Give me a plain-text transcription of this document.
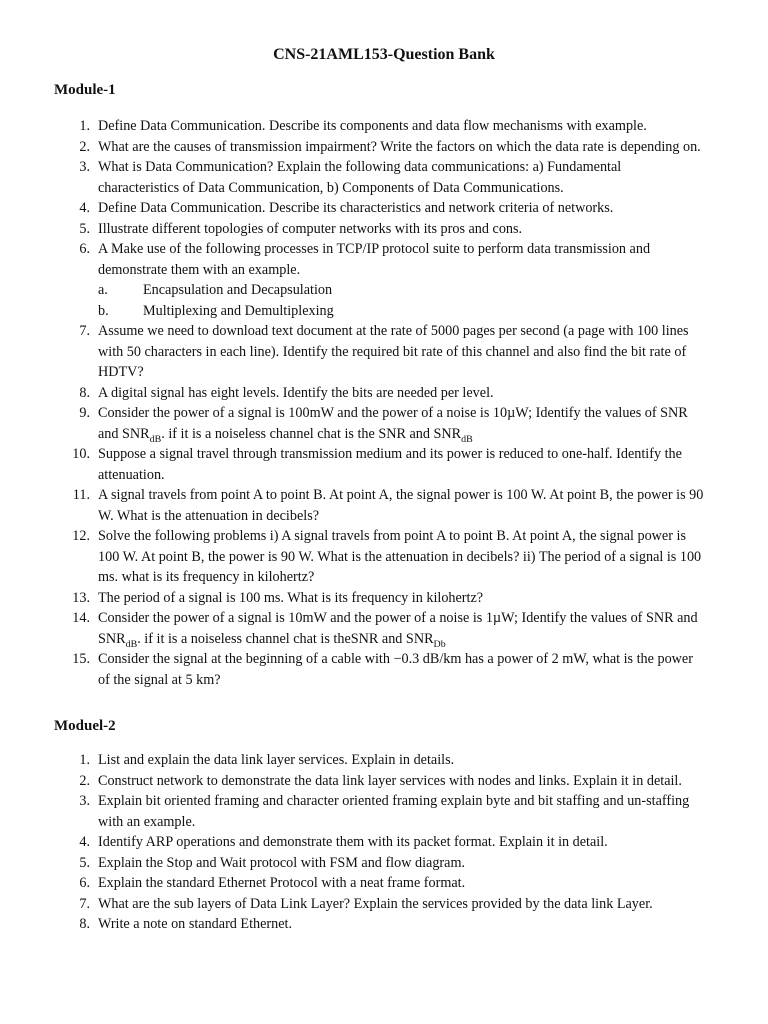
CNS-21AML153-Question Bank
Module-1
1. Define Data Communication. Describe its components and data flow mechanisms with example.
2. What are the causes of transmission impairment? Write the factors on which the data rate is depending on.
3. What is Data Communication? Explain the following data communications: a) Fundamental characteristics of Data Communication, b) Components of Data Communications.
4. Define Data Communication. Describe its characteristics and network criteria of networks.
5. Illustrate different topologies of computer networks with its pros and cons.
6. A Make use of the following processes in TCP/IP protocol suite to perform data transmission and demonstrate them with an example.
a. Encapsulation and Decapsulation
b. Multiplexing and Demultiplexing
7. Assume we need to download text document at the rate of 5000 pages per second (a page with 100 lines with 50 characters in each line). Identify the required bit rate of this channel and also find the bit rate of HDTV?
8. A digital signal has eight levels. Identify the bits are needed per level.
9. Consider the power of a signal is 100mW and the power of a noise is 10µW; Identify the values of SNR and $SNR_{dB}$. if it is a noiseless channel chat is the SNR and $SNR_{dB}$
10. Suppose a signal travel through transmission medium and its power is reduced to one-half. Identify the attenuation.
11. A signal travels from point A to point B. At point A, the signal power is 100 W. At point B, the power is 90 W. What is the attenuation in decibels?
12. Solve the following problems i) A signal travels from point A to point B. At point A, the signal power is 100 W. At point B, the power is 90 W. What is the attenuation in decibels? ii) The period of a signal is 100 ms. what is its frequency in kilohertz?
13. The period of a signal is 100 ms. What is its frequency in kilohertz?
14. Consider the power of a signal is 10mW and the power of a noise is 1µW; Identify the values of SNR and $SNR_{dB}$. if it is a noiseless channel chat is theSNR and $SNR_{Db}$
15. Consider the signal at the beginning of a cable with −0.3 dB/km has a power of 2 mW, what is the power of the signal at 5 km?
Moduel-2
1. List and explain the data link layer services. Explain in details.
2. Construct network to demonstrate the data link layer services with nodes and links. Explain it in detail.
3. Explain bit oriented framing and character oriented framing explain byte and bit staffing and un-staffing with an example.
4. Identify ARP operations and demonstrate them with its packet format. Explain it in detail.
5. Explain the Stop and Wait protocol with FSM and flow diagram.
6. Explain the standard Ethernet Protocol with a neat frame format.
7. What are the sub layers of Data Link Layer? Explain the services provided by the data link Layer.
8. Write a note on standard Ethernet.
